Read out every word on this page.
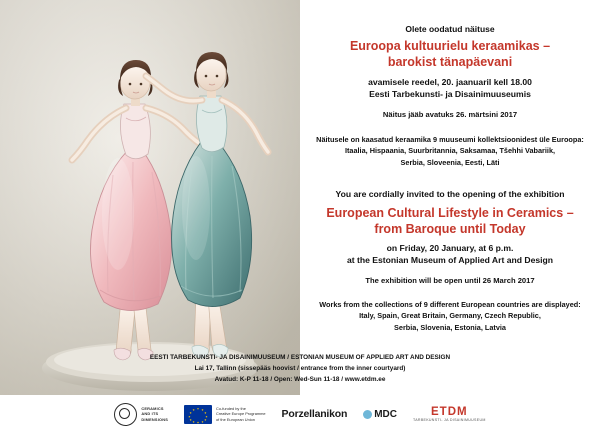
Olete oodatud näituse
Euroopa kultuurielu keraamikas –
barokist tänapäevani
avamisele reedel, 20. jaanuaril kell 18.00
Eesti Tarbekunsti- ja Disainimuuseumis
Näitus jääb avatuks 26. märtsini 2017
Näitusele on kaasatud keraamika 9 muuseumi kollektsioonidest üle Euroopa:
Itaalia, Hispaania, Suurbritannia, Saksamaa, Tšehhi Vabariik,
Serbia, Sloveenia, Eesti, Läti
You are cordially invited to the opening of the exhibition
European Cultural Lifestyle in Ceramics –
from Baroque until Today
on Friday, 20 January, at 6 p.m.
at the Estonian Museum of Applied Art and Design
The exhibition will be open until 26 March 2017
Works from the collections of 9 different European countries are displayed:
Italy, Spain, Great Britain, Germany, Czech Republic,
Serbia, Slovenia, Estonia, Latvia
EESTI TARBEKUNSTI- JA DISAINIMUUSEUM / ESTONIAN MUSEUM OF APPLIED ART AND DESIGN
Lai 17, Tallinn (sissepääs hoovist / entrance from the inner courtyard)
Avatud: K-P 11-18 / Open: Wed-Sun 11-18 / www.etdm.ee
CERAMICS
AND ITS
DIMENSIONS
Co-funded by the
Creative Europe Programme
of the European Union	Porzellanikon	MDC	ETDM
TARBEKUNSTI- JA DISAINIMUUSEUM
